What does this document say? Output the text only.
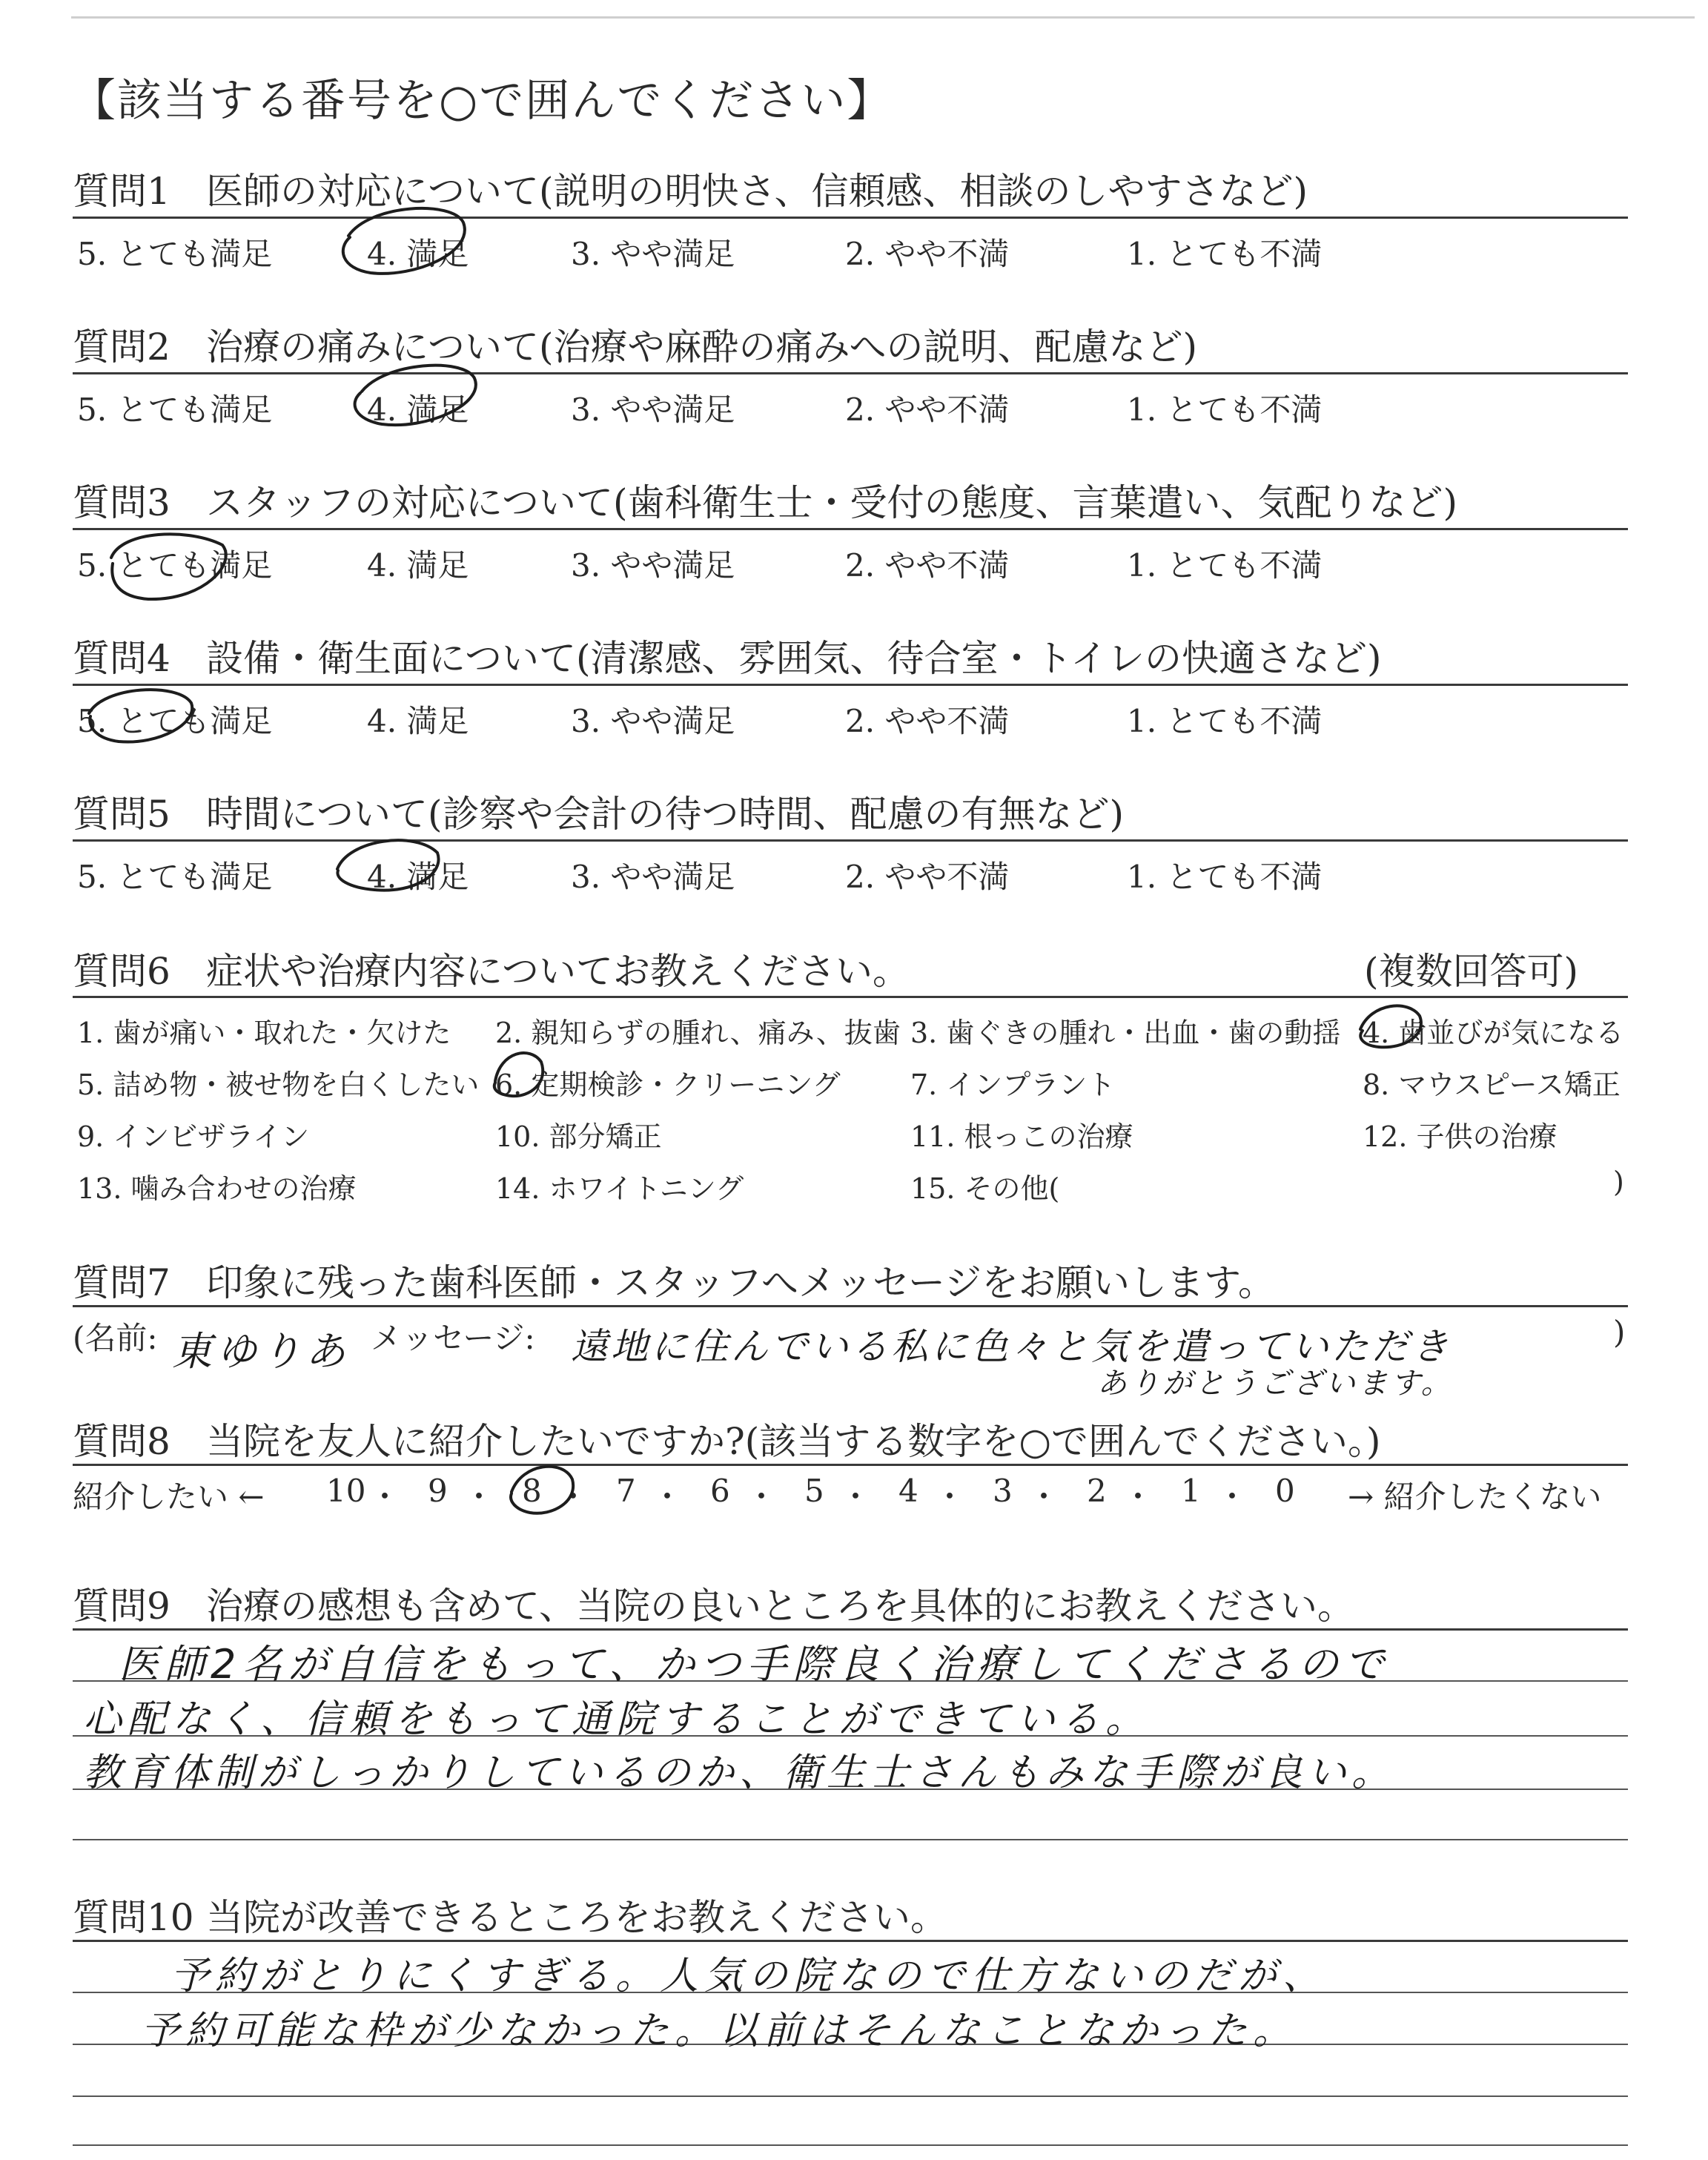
【該当する番号を○で囲んでください】
質問1 医師の対応について(説明の明快さ、信頼感、相談のしやすさなど)
5. とても満足	4. 満足	3. やや満足	2. やや不満	1. とても不満
質問2 治療の痛みについて(治療や麻酔の痛みへの説明、配慮など)
5. とても満足	4. 満足	3. やや満足	2. やや不満	1. とても不満
質問3 スタッフの対応について(歯科衛生士・受付の態度、言葉遣い、気配りなど)
5. とても満足	4. 満足	3. やや満足	2. やや不満	1. とても不満
質問4 設備・衛生面について(清潔感、雰囲気、待合室・トイレの快適さなど)
5. とても満足	4. 満足	3. やや満足	2. やや不満	1. とても不満
質問5 時間について(診察や会計の待つ時間、配慮の有無など)
5. とても満足	4. 満足	3. やや満足	2. やや不満	1. とても不満
質問6 症状や治療内容についてお教えください。	(複数回答可)
1. 歯が痛い・取れた・欠けた 2. 親知らずの腫れ、痛み、抜歯 3. 歯ぐきの腫れ・出血・歯の動揺 4. 歯並びが気になる
5. 詰め物・被せ物を白くしたい 6. 定期検診・クリーニング 7. インプラント	8. マウスピース矯正
9. インビザライン	10. 部分矯正	11. 根っこの治療	12. 子供の治療
13. 噛み合わせの治療	14. ホワイトニング	15. その他(	)
質問7 印象に残った歯科医師・スタッフへメッセージをお願いします。
(名前: 東ゆりあ メッセージ: 遠地に住んでいる私に色々と気を遣っていただき
ありがとうございます。
)
質問8 当院を友人に紹介したいですか?(該当する数字を○で囲んでください。)
紹介したい ←	→ 紹介したくない
10 ・ 9 ・ 8 ・ 7 ・ 6 ・ 5 ・ 4 ・ 3 ・ 2 ・ 1 ・ 0
質問9 治療の感想も含めて、当院の良いところを具体的にお教えください。
医師2名が自信をもって、かつ手際良く治療してくださるので
心配なく、信頼をもって通院することができている。
教育体制がしっかりしているのか、衛生士さんもみな手際が良い。
質問10 当院が改善できるところをお教えください。
予約がとりにくすぎる。人気の院なので仕方ないのだが、
予約可能な枠が少なかった。以前はそんなことなかった。
